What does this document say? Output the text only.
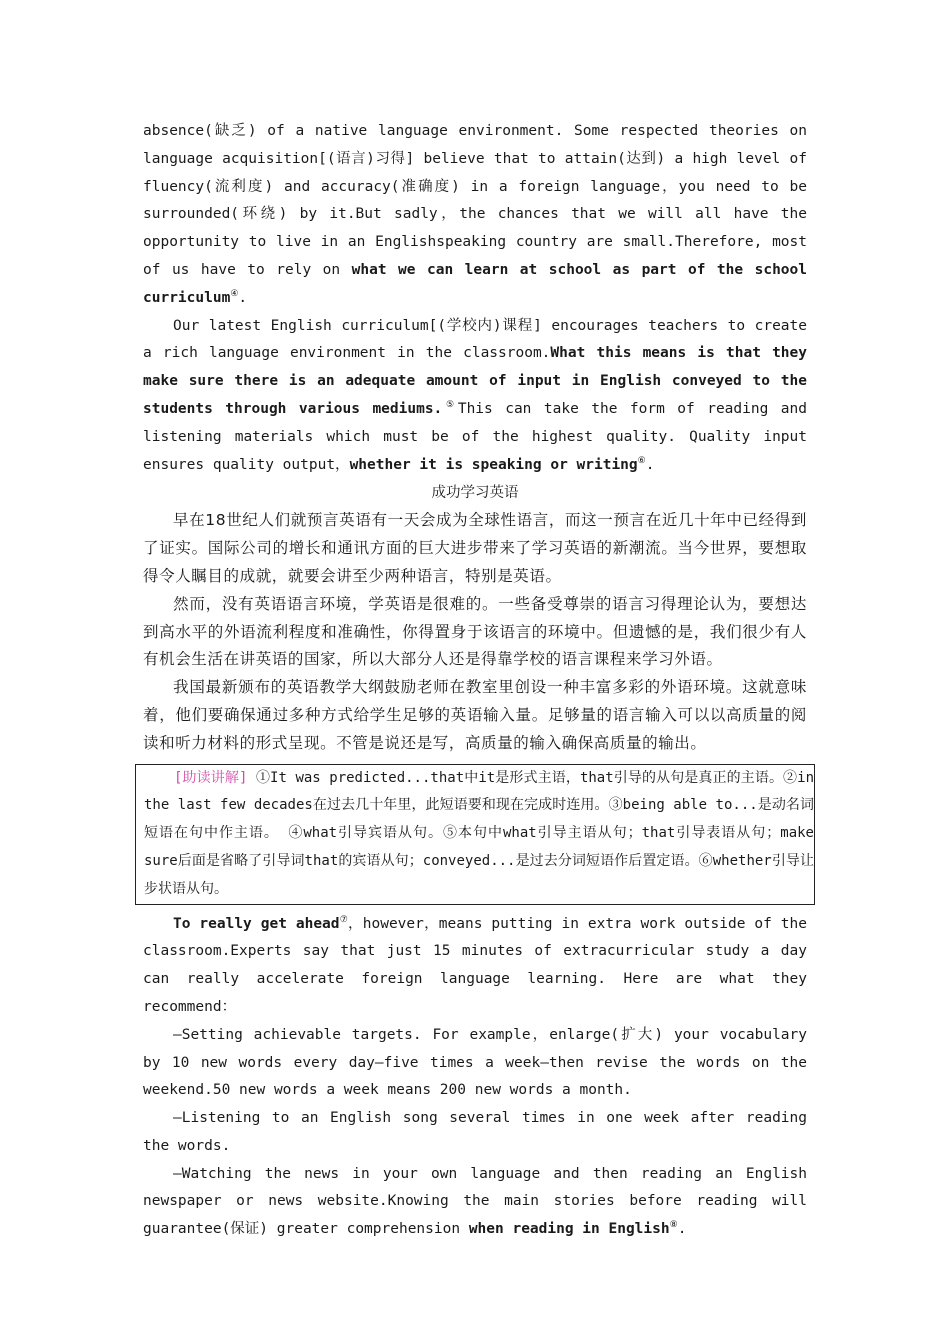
absence(缺乏) of a native language environment. Some respected theories on language acquisition[(语言)习得] believe that to attain(达到) a high level of fluency(流利度) and accuracy(准确度) in a foreign language，you need to be surrounded(环绕) by it.But sadly，the chances that we will all have the opportunity to live in an Englishspeaking country are small.Therefore, most of us have to rely on what we can learn at school as part of the school curriculum④.

Our latest English curriculum[(学校内)课程] encourages teachers to create a rich language environment in the classroom.What this means is that they make sure there is an adequate amount of input in English conveyed to the students through various mediums.⑤This can take the form of reading and listening materials which must be of the highest quality. Quality input ensures quality output，whether it is speaking or writing⑥.

成功学习英语

早在18世纪人们就预言英语有一天会成为全球性语言，而这一预言在近几十年中已经得到了证实。国际公司的增长和通讯方面的巨大进步带来了学习英语的新潮流。当今世界，要想取得令人瞩目的成就，就要会讲至少两种语言，特别是英语。

然而，没有英语语言环境，学英语是很难的。一些备受尊崇的语言习得理论认为，要想达到高水平的外语流利程度和准确性，你得置身于该语言的环境中。但遗憾的是，我们很少有人有机会生活在讲英语的国家，所以大部分人还是得靠学校的语言课程来学习外语。

我国最新颁布的英语教学大纲鼓励老师在教室里创设一种丰富多彩的外语环境。这就意味着，他们要确保通过多种方式给学生足够的英语输入量。足够量的语言输入可以以高质量的阅读和听力材料的形式呈现。不管是说还是写，高质量的输入确保高质量的输出。

[助读讲解] ①It was predicted...that中it是形式主语，that引导的从句是真正的主语。②in the last few decades在过去几十年里，此短语要和现在完成时连用。③being able to...是动名词短语在句中作主语。 ④what引导宾语从句。⑤本句中what引导主语从句；that引导表语从句；make sure后面是省略了引导词that的宾语从句；conveyed...是过去分词短语作后置定语。⑥whether引导让步状语从句。

To really get ahead⑦，however，means putting in extra work outside of the classroom.Experts say that just 15 minutes of extracurricular study a day can really accelerate foreign language learning. Here are what they recommend：

—Setting achievable targets. For example，enlarge(扩大) your vocabulary by 10 new words every day—five times a week—then revise the words on the weekend.50 new words a week means 200 new words a month.

—Listening to an English song several times in one week after reading the words.

—Watching the news in your own language and then reading an English newspaper or news website.Knowing the main stories before reading will guarantee(保证) greater comprehension when reading in English⑧.
